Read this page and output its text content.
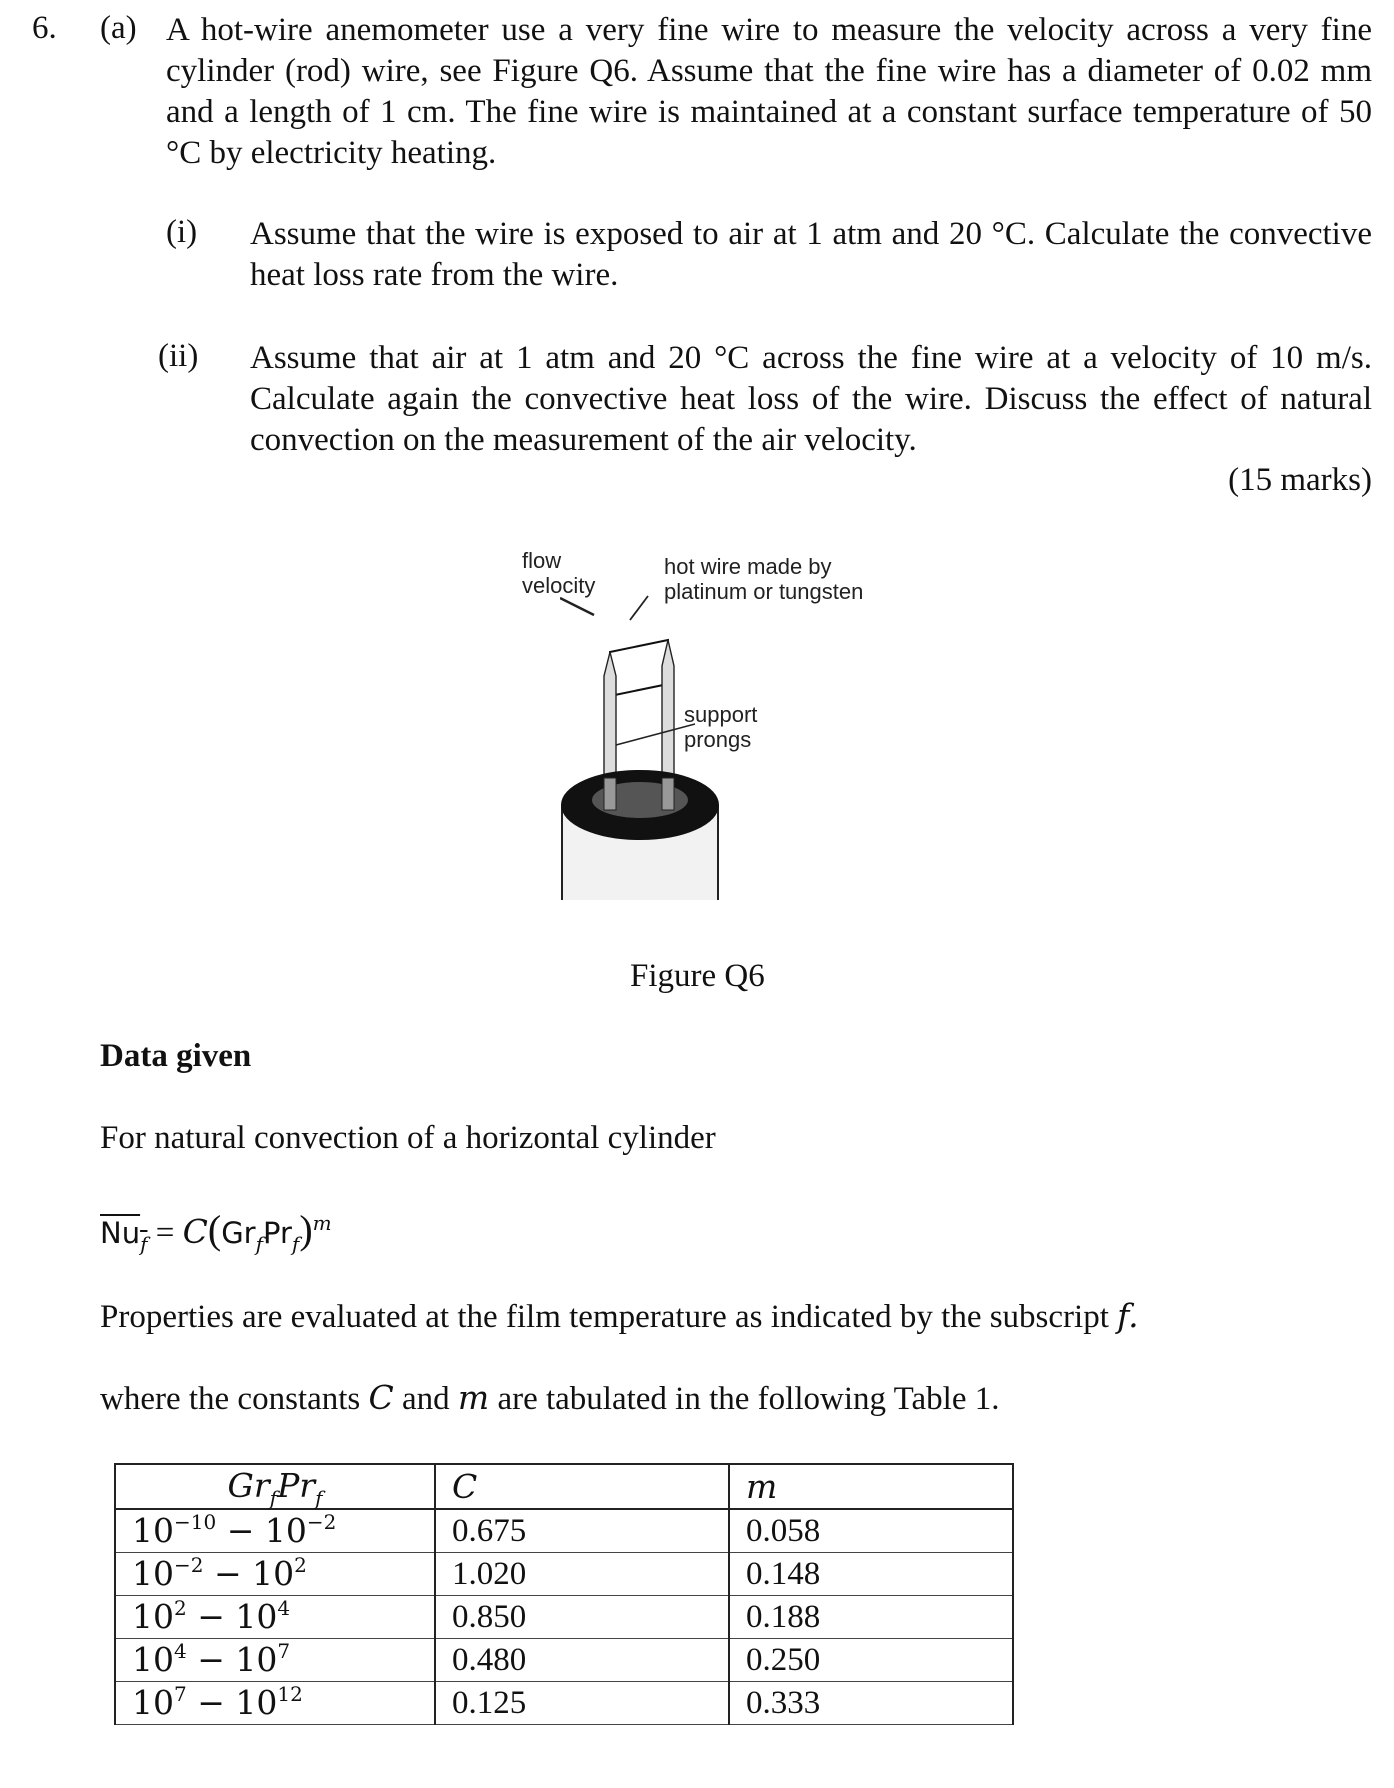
6. (a) A hot-wire anemometer use a very fine wire to measure the velocity across a very fine cylinder (rod) wire, see Figure Q6. Assume that the fine wire has a diameter of 0.02 mm and a length of 1 cm. The fine wire is maintained at a constant surface temperature of 50 °C by electricity heating.
(i) Assume that the wire is exposed to air at 1 atm and 20 °C. Calculate the convective heat loss rate from the wire.
(ii) Assume that air at 1 atm and 20 °C across the fine wire at a velocity of 10 m/s. Calculate again the convective heat loss of the wire. Discuss the effect of natural convection on the measurement of the air velocity.
(15 marks)
flow
velocity
hot wire made by
platinum or tungsten
support
prongs
Figure Q6
Data given
For natural convection of a horizontal cylinder
$Nu_f = C(Gr_fPr_f)^m$
Properties are evaluated at the film temperature as indicated by the subscript f.
where the constants C and m are tabulated in the following Table 1.
$Gr_fPr_f$	C	m
$10^{-10} - 10^{-2}$	0.675	0.058
$10^{-2} - 10^2$	1.020	0.148
$10^2 - 10^4$	0.850	0.188
$10^4 - 10^7$	0.480	0.250
$10^7 - 10^{12}$	0.125	0.333
